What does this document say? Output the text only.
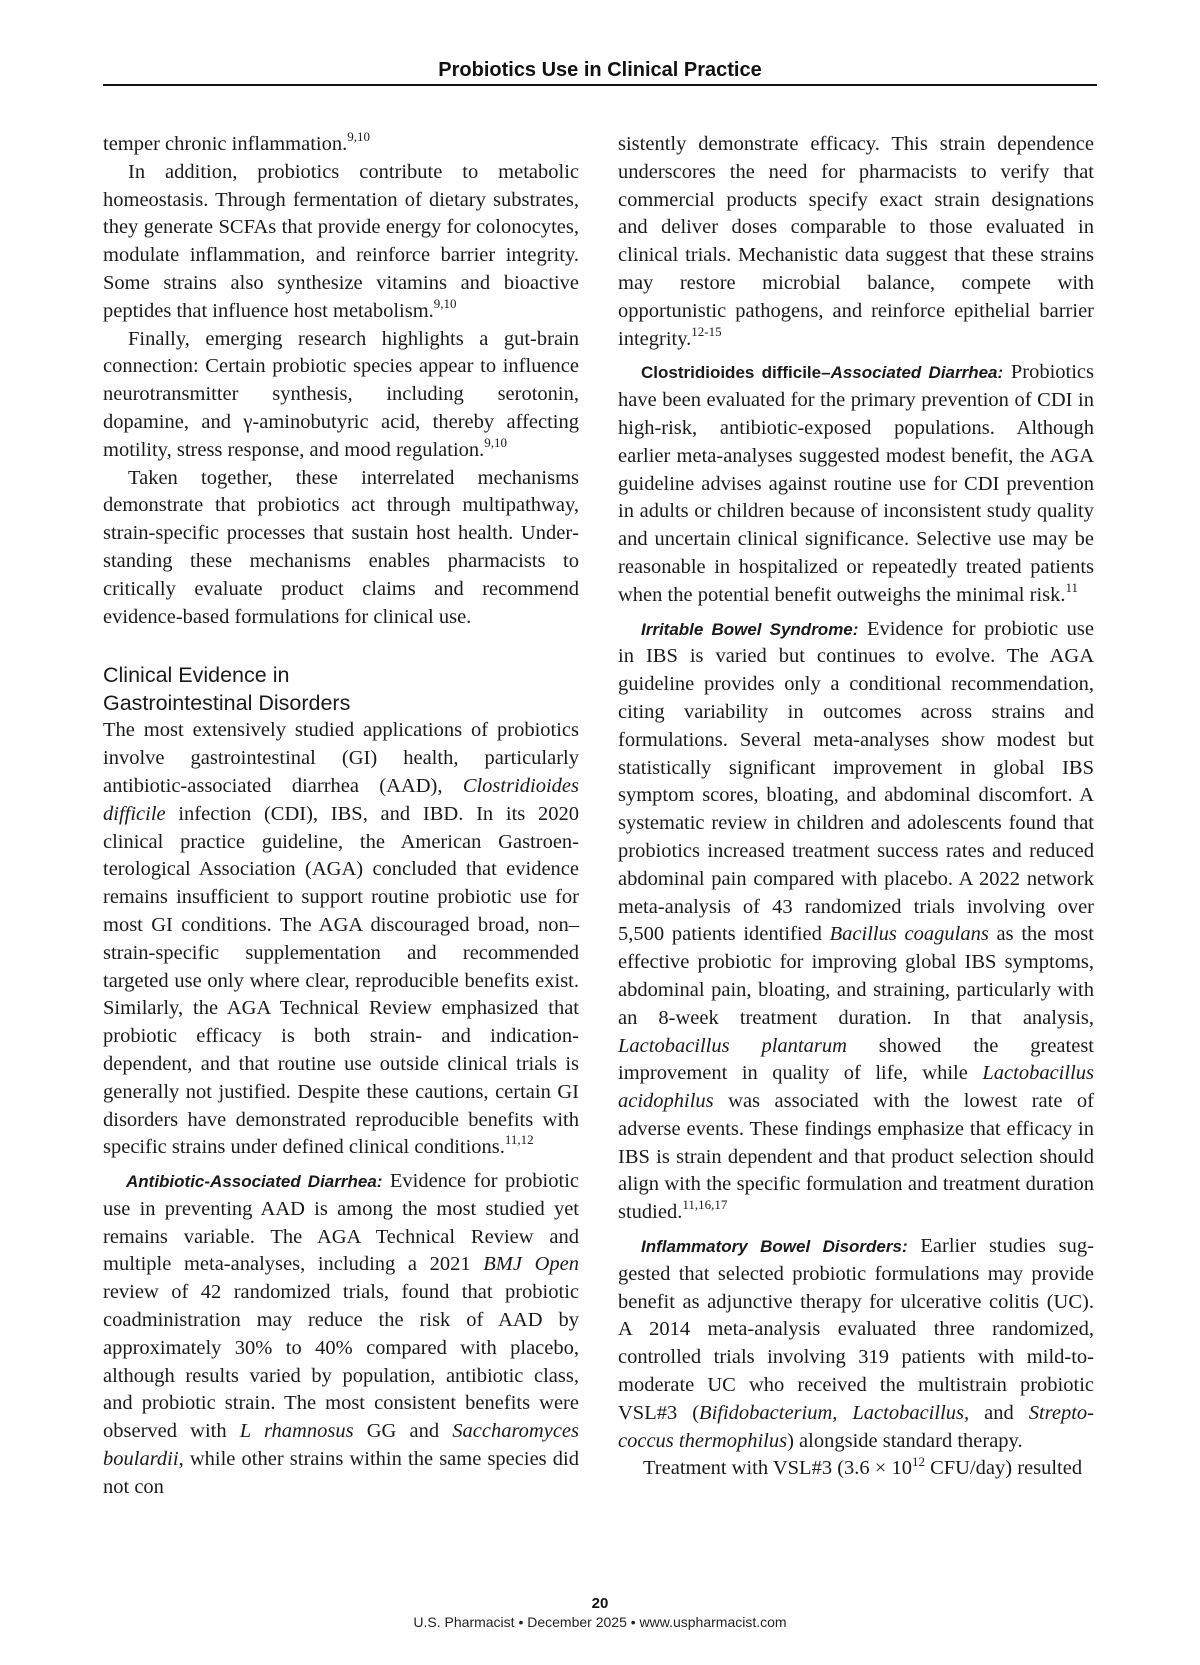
Probiotics Use in Clinical Practice

temper chronic inflammation.$^{9,10}$

In addition, probiotics contribute to metabolic homeostasis. Through fermentation of dietary substrates, they generate SCFAs that provide energy for colonocytes, modulate inflammation, and reinforce barrier integrity. Some strains also synthesize vitamins and bioactive peptides that influence host metabolism.$^{9,10}$

Finally, emerging research highlights a gut-brain connection: Certain probiotic species appear to influence neurotransmitter synthesis, including serotonin, dopamine, and γ-aminobutyric acid, thereby affecting motility, stress response, and mood regulation.$^{9,10}$

Taken together, these interrelated mechanisms demonstrate that probiotics act through multipathway, strain-specific processes that sustain host health. Understanding these mechanisms enables pharmacists to critically evaluate product claims and recommend evidence-based formulations for clinical use.

Clinical Evidence in
Gastrointestinal Disorders

The most extensively studied applications of probiotics involve gastrointestinal (GI) health, particularly antibiotic-associated diarrhea (AAD), Clostridioides difficile infection (CDI), IBS, and IBD. In its 2020 clinical practice guideline, the American Gastroenterological Association (AGA) concluded that evidence remains insufficient to support routine probiotic use for most GI conditions. The AGA discouraged broad, non–strain-specific supplementation and recommended targeted use only where clear, reproducible benefits exist. Similarly, the AGA Technical Review emphasized that probiotic efficacy is both strain- and indication-dependent, and that routine use outside clinical trials is generally not justified. Despite these cautions, certain GI disorders have demonstrated reproducible benefits with specific strains under defined clinical conditions.$^{11,12}$

Antibiotic-Associated Diarrhea: Evidence for probiotic use in preventing AAD is among the most studied yet remains variable. The AGA Technical Review and multiple meta-analyses, including a 2021 BMJ Open review of 42 randomized trials, found that probiotic coadministration may reduce the risk of AAD by approximately 30% to 40% compared with placebo, although results varied by population, antibiotic class, and probiotic strain. The most consistent benefits were observed with L rhamnosus GG and Saccharomyces boulardii, while other strains within the same species did not con

sistently demonstrate efficacy. This strain dependence underscores the need for pharmacists to verify that commercial products specify exact strain designations and deliver doses comparable to those evaluated in clinical trials. Mechanistic data suggest that these strains may restore microbial balance, compete with opportunistic pathogens, and reinforce epithelial barrier integrity.$^{12-15}$

Clostridioides difficile–Associated Diarrhea: Probiotics have been evaluated for the primary prevention of CDI in high-risk, antibiotic-exposed populations. Although earlier meta-analyses suggested modest benefit, the AGA guideline advises against routine use for CDI prevention in adults or children because of inconsistent study quality and uncertain clinical significance. Selective use may be reasonable in hospitalized or repeatedly treated patients when the potential benefit outweighs the minimal risk.$^{11}$

Irritable Bowel Syndrome: Evidence for probiotic use in IBS is varied but continues to evolve. The AGA guideline provides only a conditional recommendation, citing variability in outcomes across strains and formulations. Several meta-analyses show modest but statistically significant improvement in global IBS symptom scores, bloating, and abdominal discomfort. A systematic review in children and adolescents found that probiotics increased treatment success rates and reduced abdominal pain compared with placebo. A 2022 network meta-analysis of 43 randomized trials involving over 5,500 patients identified Bacillus coagulans as the most effective probiotic for improving global IBS symptoms, abdominal pain, bloating, and straining, particularly with an 8-week treatment duration. In that analysis, Lactobacillus plantarum showed the greatest improvement in quality of life, while Lactobacillus acidophilus was associated with the lowest rate of adverse events. These findings emphasize that efficacy in IBS is strain dependent and that product selection should align with the specific formulation and treatment duration studied.$^{11,16,17}$

Inflammatory Bowel Disorders: Earlier studies suggested that selected probiotic formulations may provide benefit as adjunctive therapy for ulcerative colitis (UC). A 2014 meta-analysis evaluated three randomized, controlled trials involving 319 patients with mild-to-moderate UC who received the multistrain probiotic VSL#3 (Bifidobacterium, Lactobacillus, and Streptococcus thermophilus) alongside standard therapy.

Treatment with VSL#3 ($3.6 \times 10^{12}$ CFU/day) resulted

20
U.S. Pharmacist • December 2025 • www.uspharmacist.com
